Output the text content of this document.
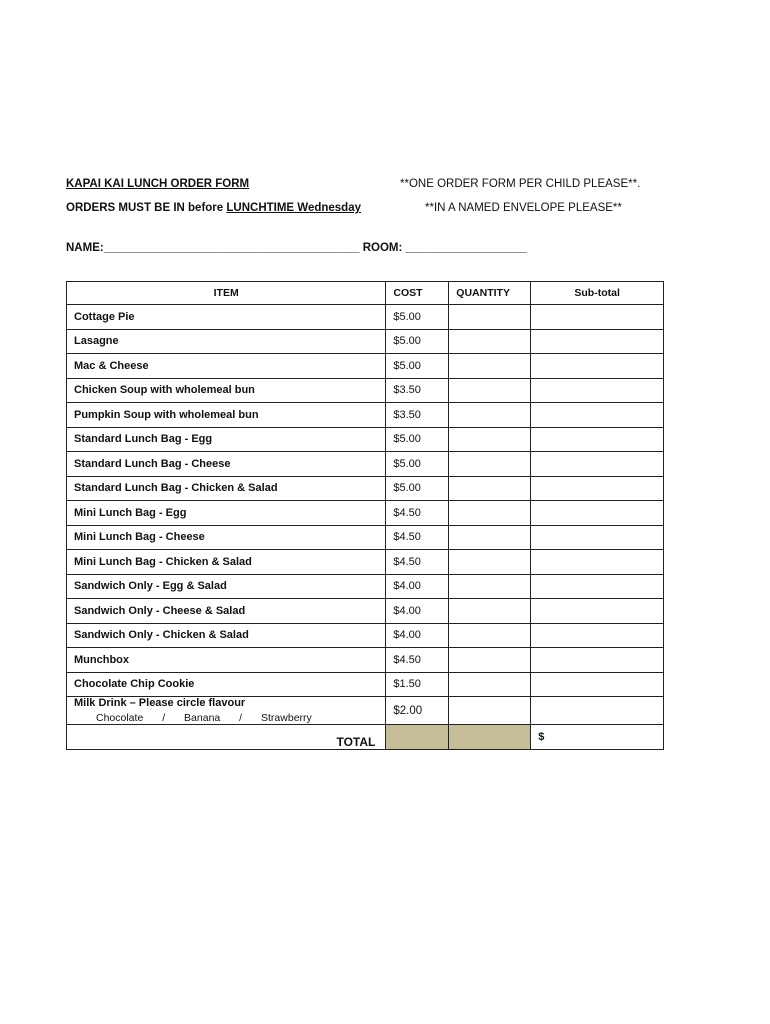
KAPAI KAI LUNCH ORDER FORM	**ONE ORDER FORM PER CHILD PLEASE**.
ORDERS MUST BE IN before LUNCHTIME Wednesday	**IN A NAMED ENVELOPE PLEASE**
NAME:________________________________________ ROOM: ___________________
ITEM	COST	QUANTITY	Sub-total
Cottage Pie	$5.00		
Lasagne	$5.00		
Mac & Cheese	$5.00		
Chicken Soup with wholemeal bun	$3.50		
Pumpkin Soup with wholemeal bun	$3.50		
Standard Lunch Bag - Egg	$5.00		
Standard Lunch Bag - Cheese	$5.00		
Standard Lunch Bag - Chicken & Salad	$5.00		
Mini Lunch Bag - Egg	$4.50		
Mini Lunch Bag - Cheese	$4.50		
Mini Lunch Bag - Chicken & Salad	$4.50		
Sandwich Only - Egg & Salad	$4.00		
Sandwich Only - Cheese & Salad	$4.00		
Sandwich Only - Chicken & Salad	$4.00		
Munchbox	$4.50		
Chocolate Chip Cookie	$1.50		

Milk Drink – Please circle flavour
Chocolate / Banana / Strawberry	$2.00		
TOTAL			$
